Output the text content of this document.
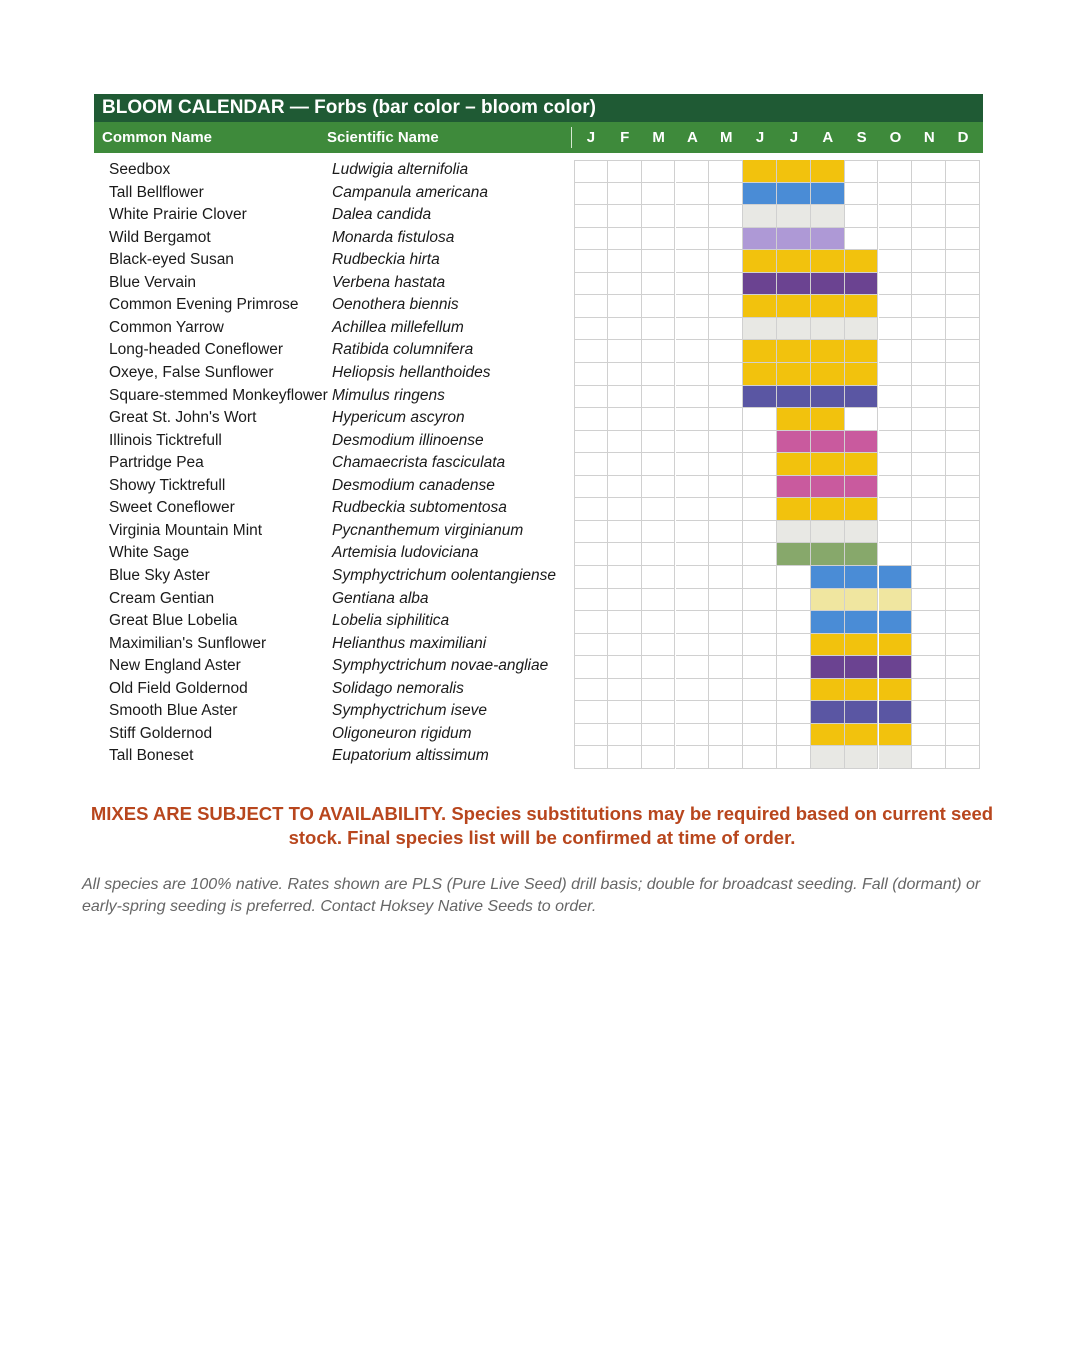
BLOOM CALENDAR — Forbs (bar color – bloom color)
Common Name	Scientific Name	J	F	M	A	M	J	J	A	S	O	N	D
Seedbox	Ludwigia alternifolia
Tall Bellflower	Campanula americana
White Prairie Clover	Dalea candida
Wild Bergamot	Monarda fistulosa
Black-eyed Susan	Rudbeckia hirta
Blue Vervain	Verbena hastata
Common Evening Primrose Oenothera biennis
Common Yarrow	Achillea millefellum
Long-headed Coneflower	Ratibida columnifera
Oxeye, False Sunflower	Heliopsis hellanthoides
Square-stemmed Monkeyflower Mimulus ringens
Great St. John's Wort	Hypericum ascyron
Illinois Ticktrefull	Desmodium illinoense
Partridge Pea	Chamaecrista fasciculata
Showy Ticktrefull	Desmodium canadense
Sweet Coneflower	Rudbeckia subtomentosa
Virginia Mountain Mint	Pycnanthemum virginianum
White Sage	Artemisia ludoviciana
Blue Sky Aster	Symphyctrichum oolentangiense
Cream Gentian	Gentiana alba
Great Blue Lobelia	Lobelia siphilitica
Maximilian's Sunflower	Helianthus maximiliani
New England Aster	Symphyctrichum novae-angliae
Old Field Goldernod	Solidago nemoralis
Smooth Blue Aster	Symphyctrichum iseve
Stiff Goldernod	Oligoneuron rigidum
Tall Boneset	Eupatorium altissimum
MIXES ARE SUBJECT TO AVAILABILITY. Species substitutions may be required based on current seed stock. Final species list will be confirmed at time of order.
All species are 100% native. Rates shown are PLS (Pure Live Seed) drill basis; double for broadcast seeding. Fall (dormant) or early-spring seeding is preferred. Contact Hoksey Native Seeds to order.
